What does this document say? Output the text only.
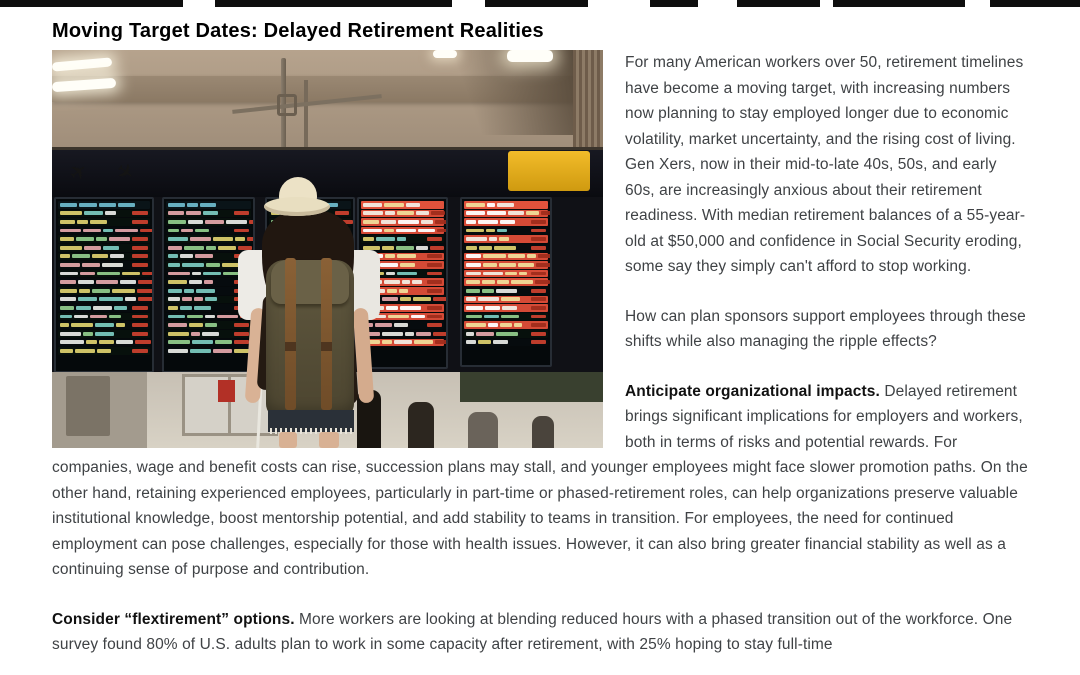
Moving Target Dates: Delayed Retirement Realities
✈ ✈

For many American workers over 50, retirement timelines have become a moving target, with increasing numbers now planning to stay employed longer due to economic volatility, market uncertainty, and the rising cost of living. Gen Xers, now in their mid-to-late 40s, 50s, and early 60s, are increasingly anxious about their retirement readiness. With median retirement balances of a 55-year-old at $50,000 and confidence in Social Security eroding, some say they simply can't afford to stop working.

How can plan sponsors support employees through these shifts while also managing the ripple effects?

Anticipate organizational impacts. Delayed retirement brings significant implications for employers and workers, both in terms of risks and potential rewards. For companies, wage and benefit costs can rise, succession plans may stall, and younger employees might face slower promotion paths. On the other hand, retaining experienced employees, particularly in part-time or phased-retirement roles, can help organizations preserve valuable institutional knowledge, boost mentorship potential, and add stability to teams in transition. For employees, the need for continued employment can pose challenges, especially for those with health issues. However, it can also bring greater financial stability as well as a continuing sense of purpose and contribution.

Consider “flextirement” options. More workers are looking at blending reduced hours with a phased transition out of the workforce. One survey found 80% of U.S. adults plan to work in some capacity after retirement, with 25% hoping to stay full-time
